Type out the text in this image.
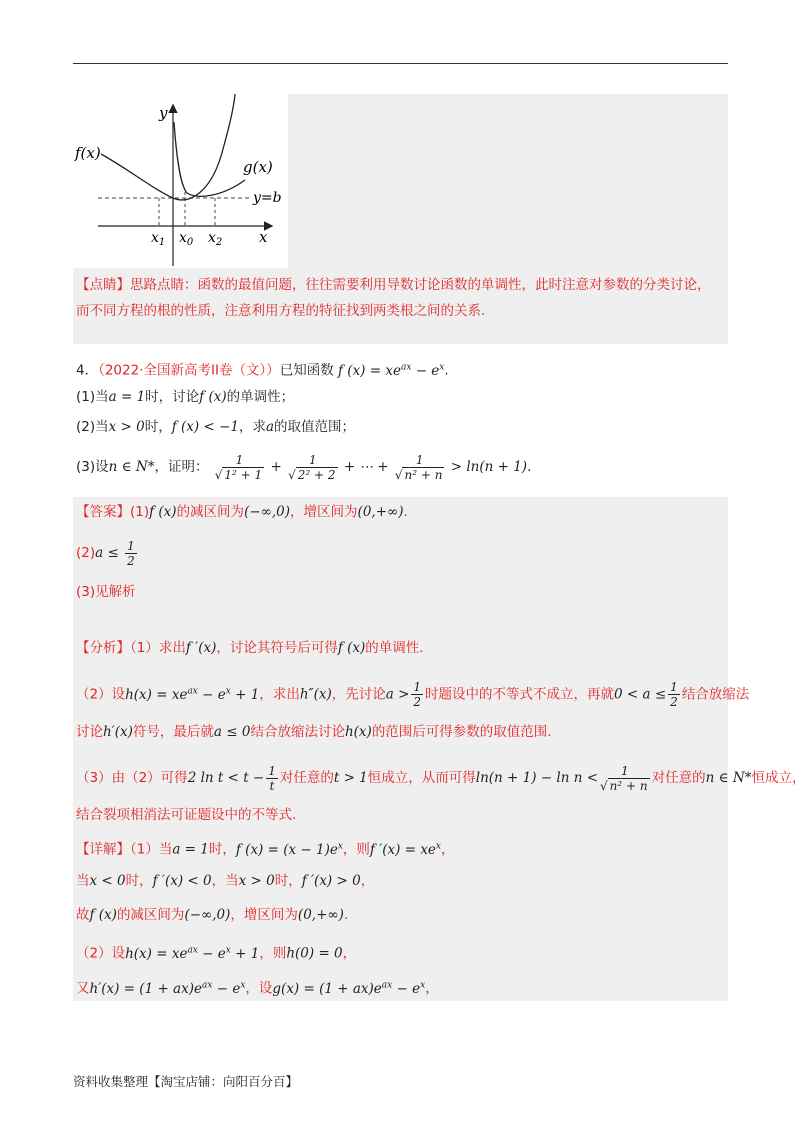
y
f(x)
g(x)
y=b
$x_1$ $x_0$ $x_2$ x
【点睛】思路点睛：函数的最值问题，往往需要利用导数讨论函数的单调性，此时注意对参数的分类讨论，
而不同方程的根的性质，注意利用方程的特征找到两类根之间的关系.
4．（2022·全国新高考II卷（文））已知函数 f $(x) = xe^{ax} - e^x$.
(1)当a = 1时，讨论f (x)的单调性；
(2)当x > 0时，f (x) < −1，求a的取值范围；
(3)设n ∈ N*，证明： $\frac{1}{\text{√ 1² + 1}} + \frac{1}{\text{√ 2² + 2}}$ + ⋯ + $\frac{1}{\text{√ n² + n}} > \ln(n + 1)$.
【答案】(1)f (x)的减区间为(−∞,0)，增区间为(0,+∞).
$(2)a \le \frac{1}{2}$
(3)见解析
【分析】（1）求出f ′(x)，讨论其符号后可得f (x)的单调性.
（2）设$h(x) = xe^{ax} - e^x + 1$，求出h″(x)，先讨论$a > \frac{1}{2}$ 时题设中的不等式不成立，再就$0 < a \le \frac{1}{2}$ 结合放缩法
讨论h′(x)符号，最后就a ≤ 0结合放缩法讨论h(x)的范围后可得参数的取值范围.
（3）由（2）可得2 $\ln t < t - \frac{1}{t}$ 对任意的t > 1恒成立，从而可得$\ln(n + 1) - \ln n < \frac{1}{\text{√ n² + n}}$ 对任意的n ∈ N*恒成立，
结合裂项相消法可证题设中的不等式.
【详解】（1）当a = 1时，f $(x) = (x - 1)e^x$，则f $'(x) = xe^x$，
当x < 0时，f ′(x) < 0，当x > 0时，f ′(x) > 0，
故f (x)的减区间为(−∞,0)，增区间为(0,+∞).
（2）设$h(x) = xe^{ax} - e^x + 1$，则h(0) = 0，
又$h'(x) = (1 + ax)e^{ax} - e^x$，设$g(x) = (1 + ax)e^{ax} - e^x$，
资料收集整理【淘宝店铺：向阳百分百】
